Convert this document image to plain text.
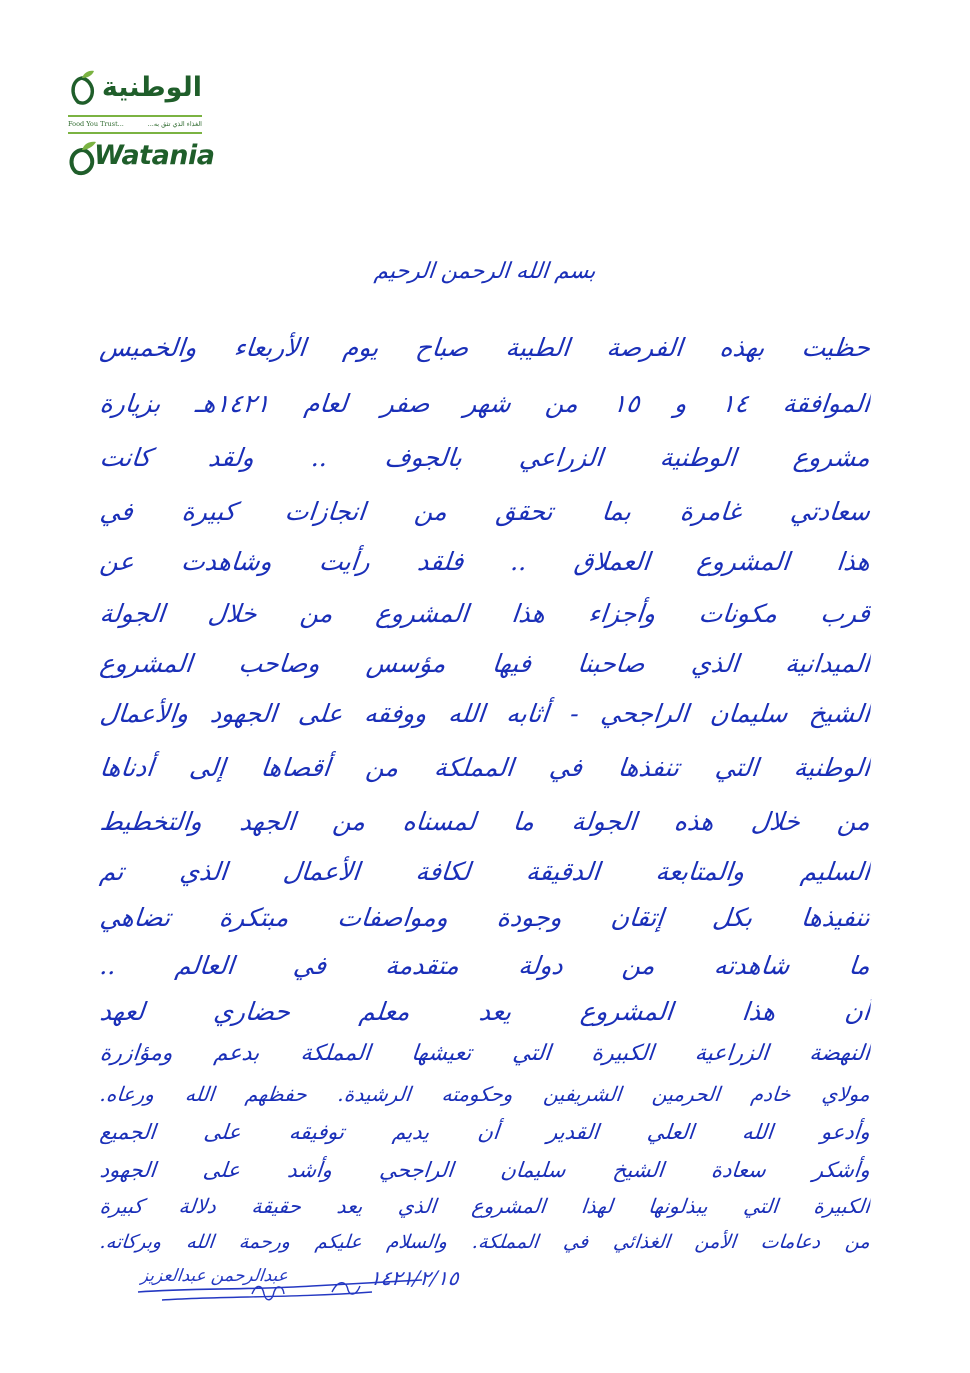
الوطنية
Food You Trust...	الغذاء الذي تثق به...
Watania
بسم الله الرحمن الرحيم
حظيت بهذه الفرصة الطيبة صباح يوم الأربعاء والخميس
الموافقة ١٤ و ١٥ من شهر صفر لعام ١٤٢١هـ بزيارة
مشروع الوطنية الزراعي بالجوف .. ولقد كانت
سعادتي غامرة بما تحقق من انجازات كبيرة في
هذا المشروع العملاق .. فلقد رأيت وشاهدت عن
قرب مكونات وأجزاء هذا المشروع من خلال الجولة
الميدانية الذي صاحبنا فيها مؤسس وصاحب المشروع
الشيخ سليمان الراجحي - أثابه الله ووفقه على الجهود والأعمال
الوطنية التي تنفذها في المملكة من أقصاها إلى أدناها
من خلال هذه الجولة ما لمسناه من الجهد والتخطيط
السليم والمتابعة الدقيقة لكافة الأعمال الذي تم
تنفيذها بكل إتقان وجودة ومواصفات مبتكرة تضاهي
ما شاهدته من دولة متقدمة في العالم ..
أن هذا المشروع يعد معلم حضاري لعهد
النهضة الزراعية الكبيرة التي تعيشها المملكة بدعم ومؤازرة
مولاي خادم الحرمين الشريفين وحكومته الرشيدة. حفظهم الله ورعاه.
وأدعو الله العلي القدير أن يديم توفيقه على الجميع
وأشكر سعادة الشيخ سليمان الراجحي وأشد على الجهود
الكبيرة التي يبذلونها لهذا المشروع الذي يعد حقيقة دلالة كبيرة
من دعامات الأمن الغذائي في المملكة. والسلام عليكم ورحمة الله وبركاته.
١٤٢١/٢/١٥
عبدالرحمن عبدالعزيز
